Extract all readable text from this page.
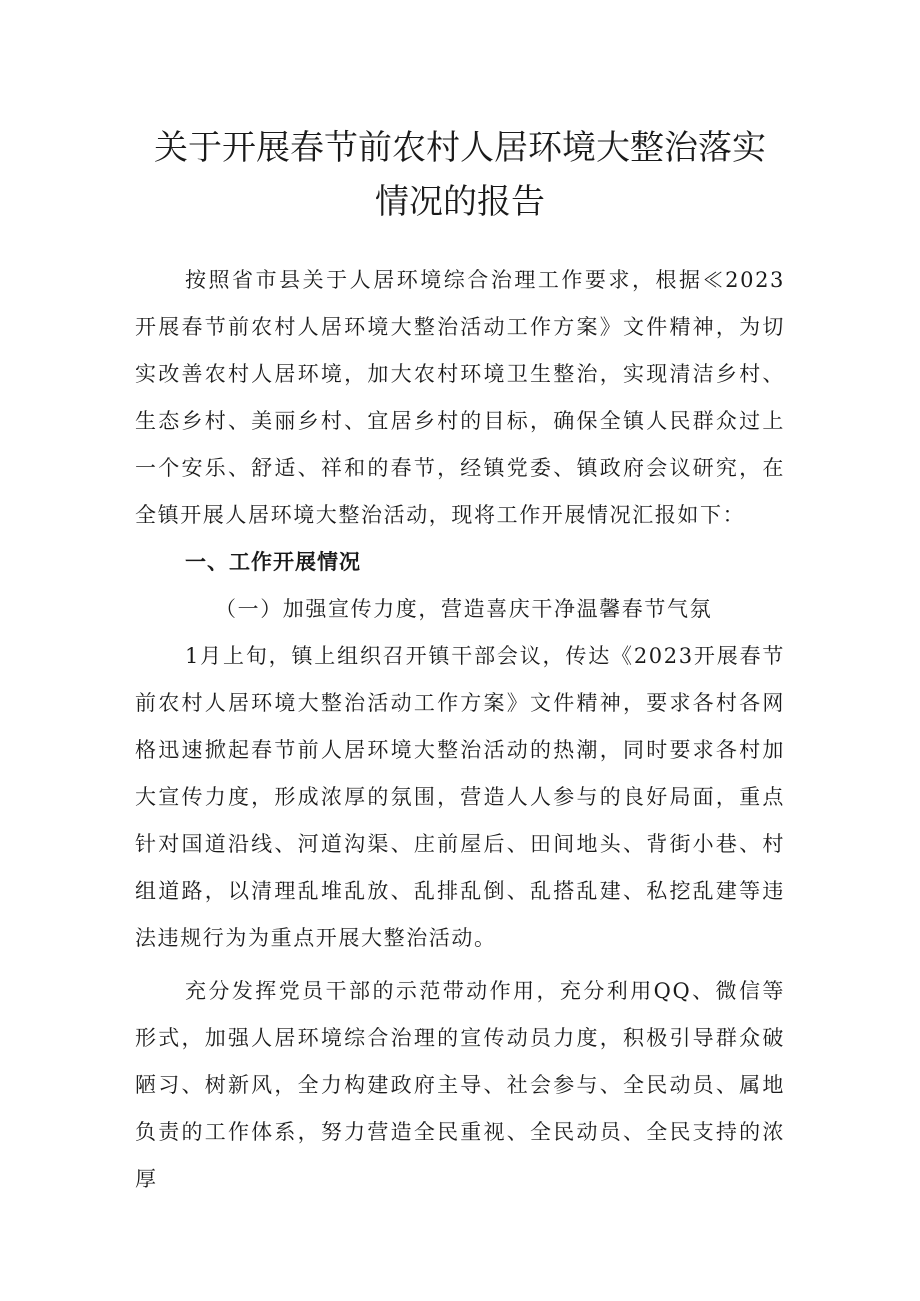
关于开展春节前农村人居环境大整治落实
情况的报告

按照省市县关于人居环境综合治理工作要求，根据≪2023开展春节前农村人居环境大整治活动工作方案》文件精神，为切实改善农村人居环境，加大农村环境卫生整治，实现清洁乡村、生态乡村、美丽乡村、宜居乡村的目标，确保全镇人民群众过上一个安乐、舒适、祥和的春节，经镇党委、镇政府会议研究，在全镇开展人居环境大整治活动，现将工作开展情况汇报如下：

一、工作开展情况

（一）加强宣传力度，营造喜庆干净温馨春节气氛

1月上旬，镇上组织召开镇干部会议，传达《2023开展春节前农村人居环境大整治活动工作方案》文件精神，要求各村各网格迅速掀起春节前人居环境大整治活动的热潮，同时要求各村加大宣传力度，形成浓厚的氛围，营造人人参与的良好局面，重点针对国道沿线、河道沟渠、庄前屋后、田间地头、背街小巷、村组道路，以清理乱堆乱放、乱排乱倒、乱搭乱建、私挖乱建等违法违规行为为重点开展大整治活动。

充分发挥党员干部的示范带动作用，充分利用QQ、微信等形式，加强人居环境综合治理的宣传动员力度，积极引导群众破陋习、树新风，全力构建政府主导、社会参与、全民动员、属地负责的工作体系，努力营造全民重视、全民动员、全民支持的浓厚
